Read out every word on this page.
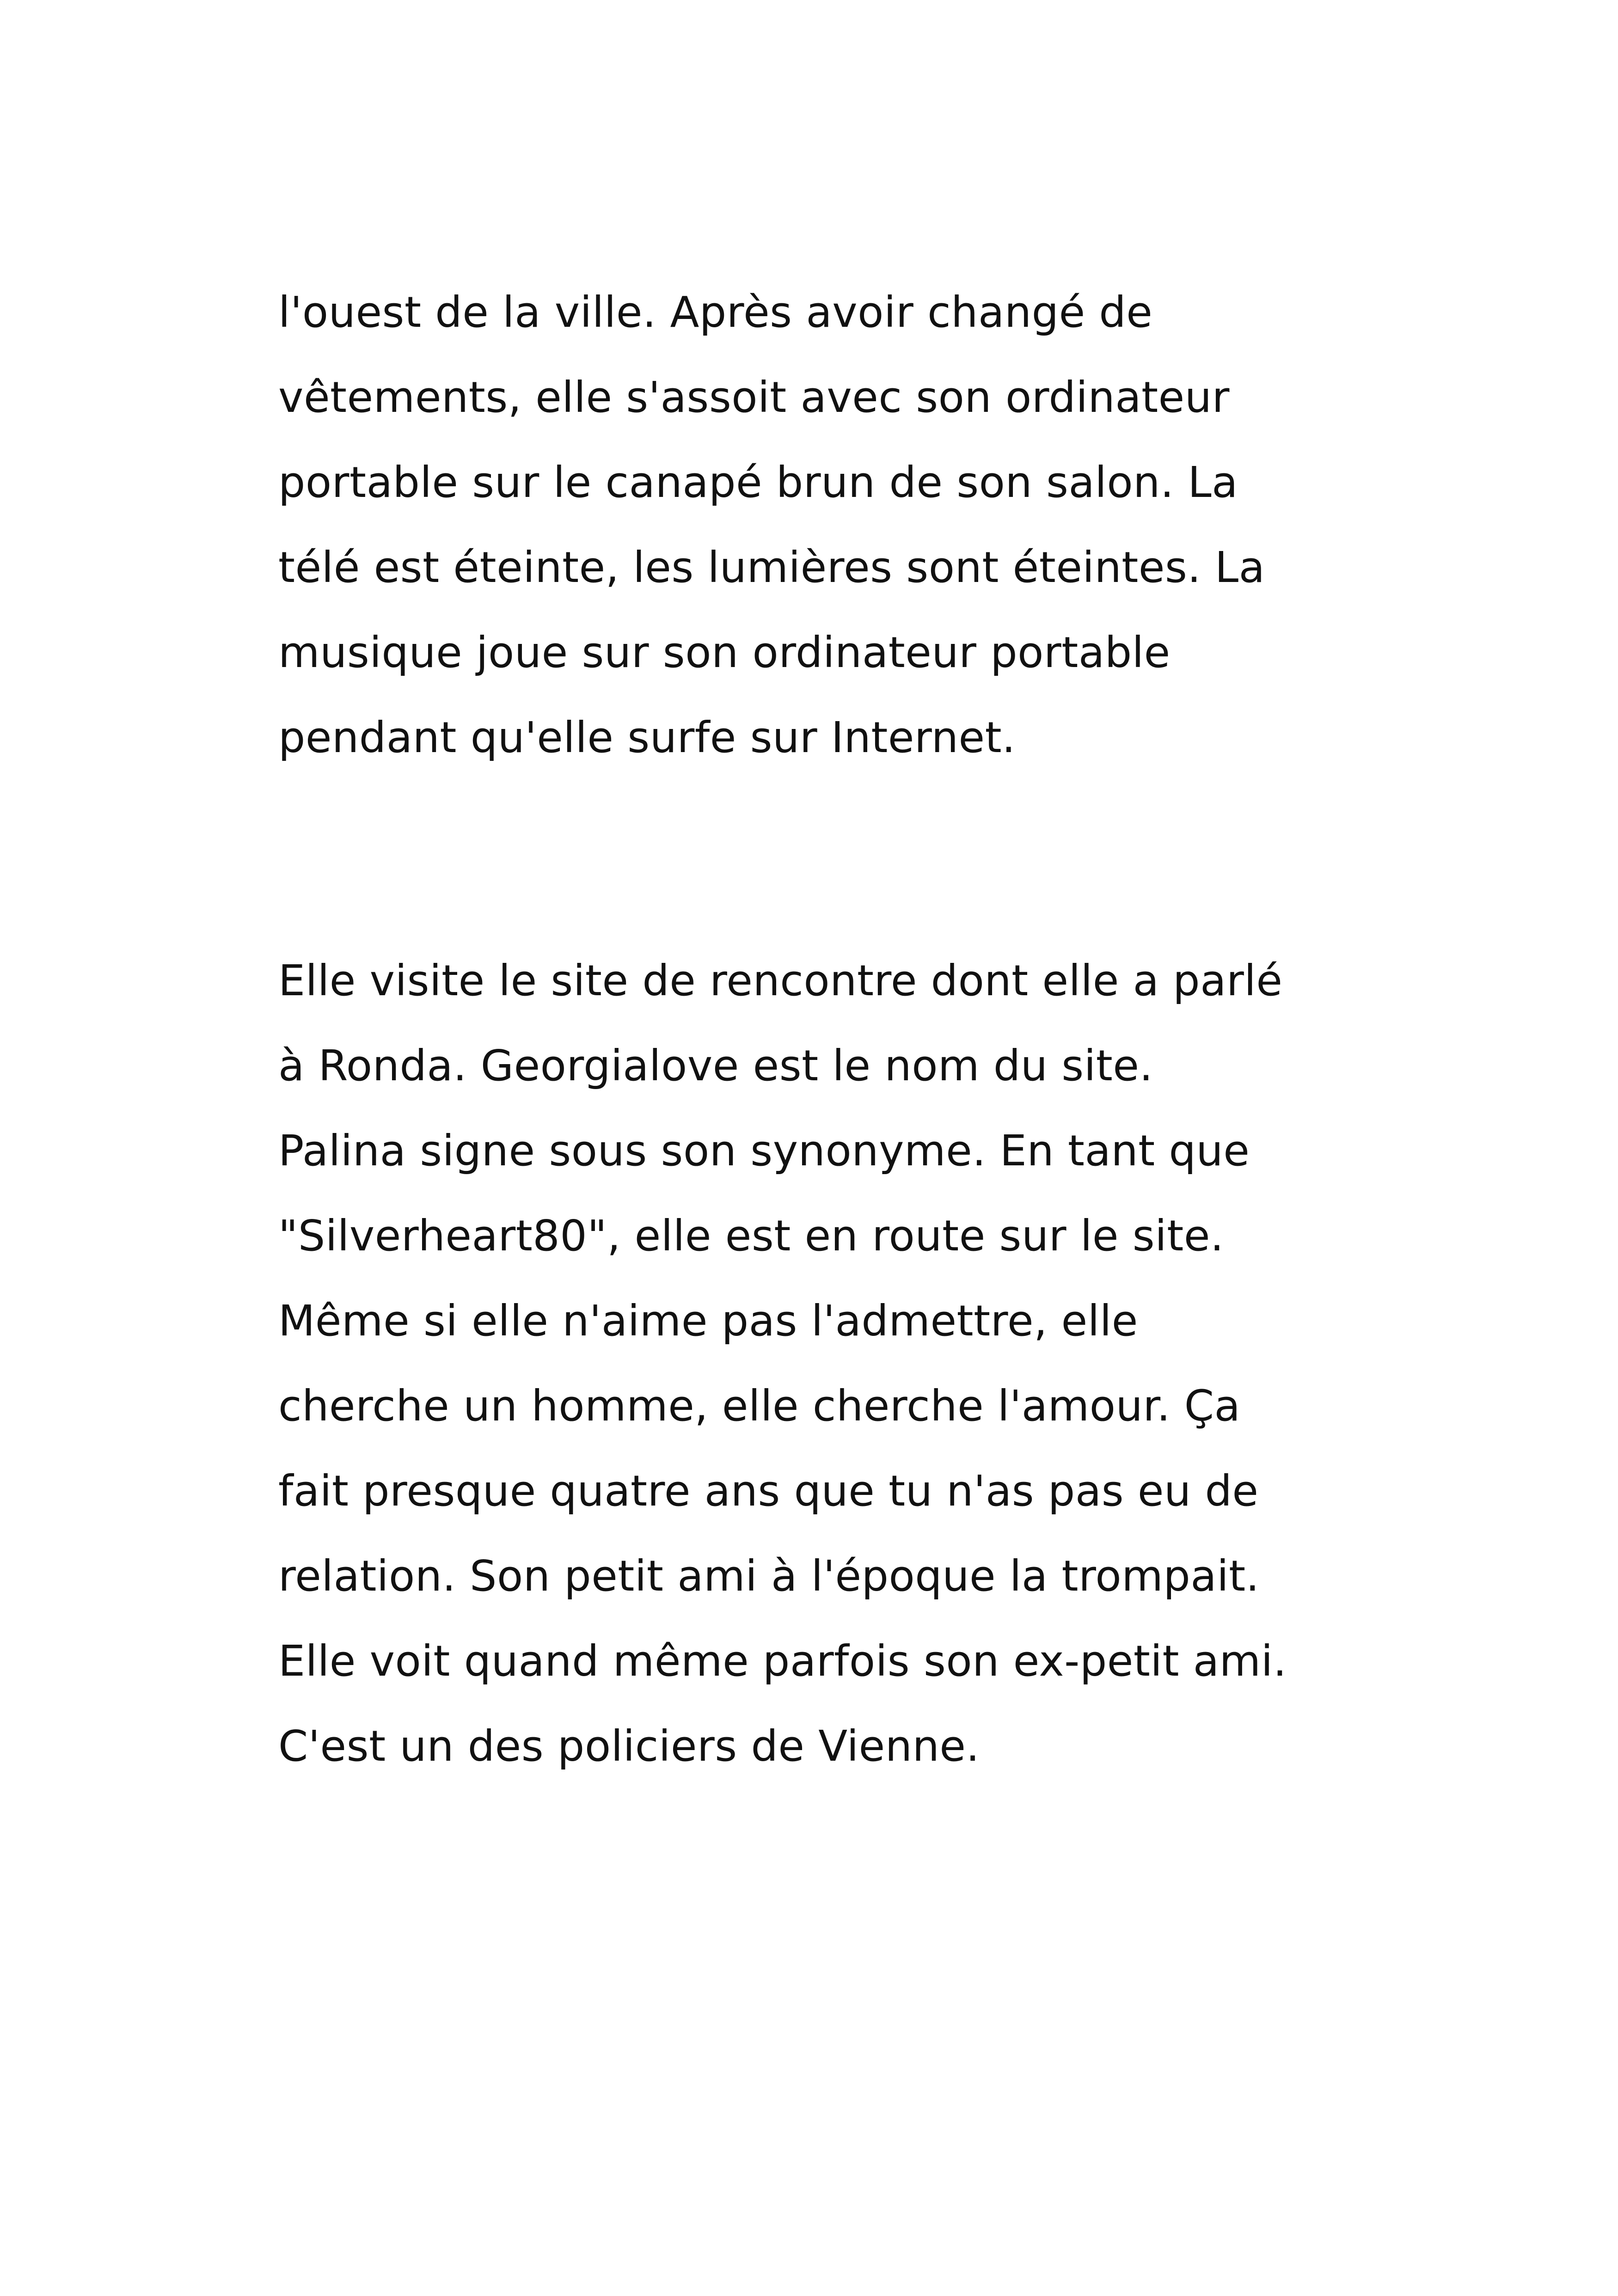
l'ouest de la ville. Après avoir changé de
vêtements, elle s'assoit avec son ordinateur
portable sur le canapé brun de son salon. La
télé est éteinte, les lumières sont éteintes. La
musique joue sur son ordinateur portable
pendant qu'elle surfe sur Internet.

Elle visite le site de rencontre dont elle a parlé
à Ronda. Georgialove est le nom du site.
Palina signe sous son synonyme. En tant que
"Silverheart80", elle est en route sur le site.
Même si elle n'aime pas l'admettre, elle
cherche un homme, elle cherche l'amour. Ça
fait presque quatre ans que tu n'as pas eu de
relation. Son petit ami à l'époque la trompait.
Elle voit quand même parfois son ex-petit ami.
C'est un des policiers de Vienne.
